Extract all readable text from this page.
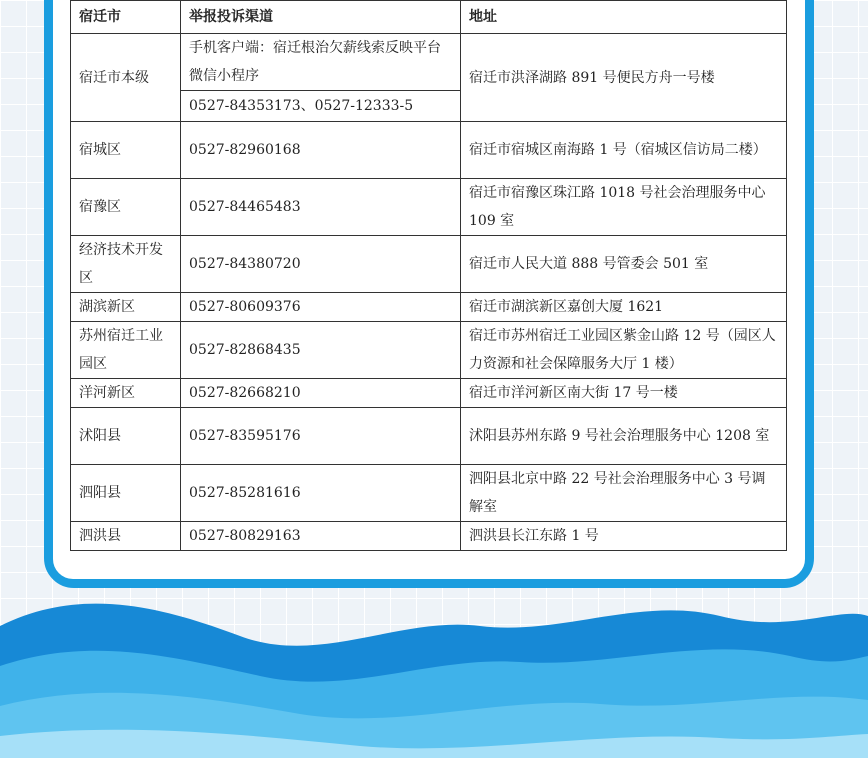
宿迁市	举报投诉渠道	地址
宿迁市本级	手机客户端：宿迁根治欠薪线索反映平台微信小程序	宿迁市洪泽湖路 891 号便民方舟一号楼
	0527-84353173、0527-12333-5	
宿城区	0527-82960168	宿迁市宿城区南海路 1 号（宿城区信访局二楼）
宿豫区	0527-84465483	宿迁市宿豫区珠江路 1018 号社会治理服务中心 109 室
经济技术开发区	0527-84380720	宿迁市人民大道 888 号管委会 501 室
湖滨新区	0527-80609376	宿迁市湖滨新区嘉创大厦 1621
苏州宿迁工业园区	0527-82868435	宿迁市苏州宿迁工业园区紫金山路 12 号（园区人力资源和社会保障服务大厅 1 楼）
洋河新区	0527-82668210	宿迁市洋河新区南大街 17 号一楼
沭阳县	0527-83595176	沭阳县苏州东路 9 号社会治理服务中心 1208 室
泗阳县	0527-85281616	泗阳县北京中路 22 号社会治理服务中心 3 号调解室
泗洪县	0527-80829163	泗洪县长江东路 1 号
